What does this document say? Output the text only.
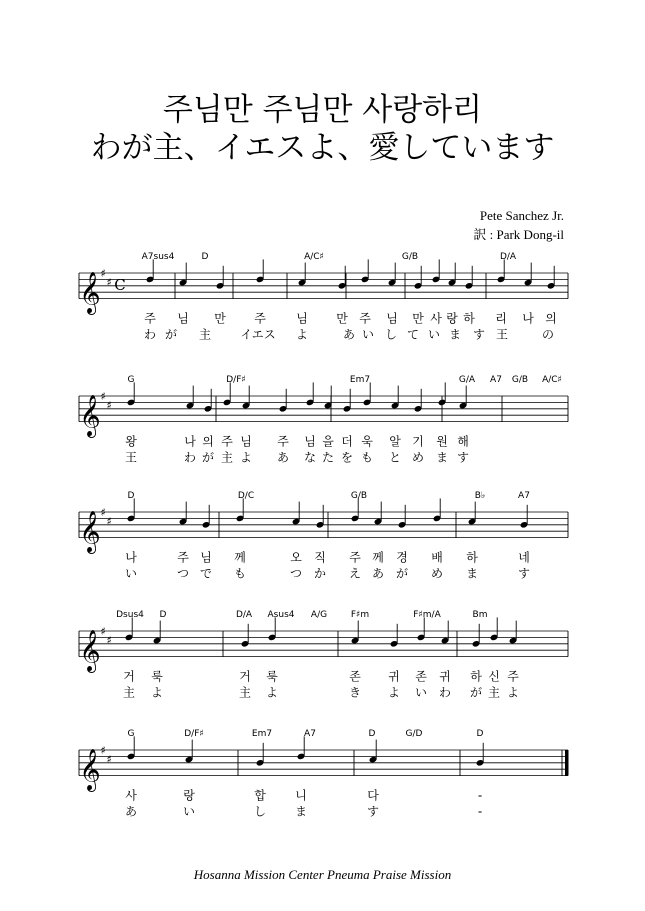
주님만 주님만 사랑하리
わが主、イエスよ、愛しています
Pete Sanchez Jr.
訳 : Park Dong-il
𝄞 ♯
♯ C
A7sus4	D	A/C♯	G/B	D/A
주 님 만 주	님 만 주 님 만 사 랑 하 리 나 의
わ が 主 イエス よ	あ い し て い ま す 王	の
𝄞 ♯
♯
G	D/F♯	Em7	G/A A7 G/B A/C♯
왕	나 의 주 님 주 님 을 더 욱 알 기 원 해
王	わ が 主 よ あ な た を も と め ま す
𝄞 ♯
♯
D	D/C	G/B	B♭	A7
나	주 님 께	오 직 주 께 경 배 하	네
い	つ で も	つ か え あ が め ま	す
𝄞 ♯
♯
Dsus4 D	D/A Asus4 A/G	F♯m	F♯m/A	Bm
거 룩	거 룩	존 귀 존 귀 하 신 주
主 よ	主 よ	き よ い わ が 主 よ
𝄞 ♯
♯
G	D/F♯	Em7	A7	D	G/D	D
사	랑	합 니	다	-
あ	い	し ま	す	-
Hosanna Mission Center Pneuma Praise Mission
